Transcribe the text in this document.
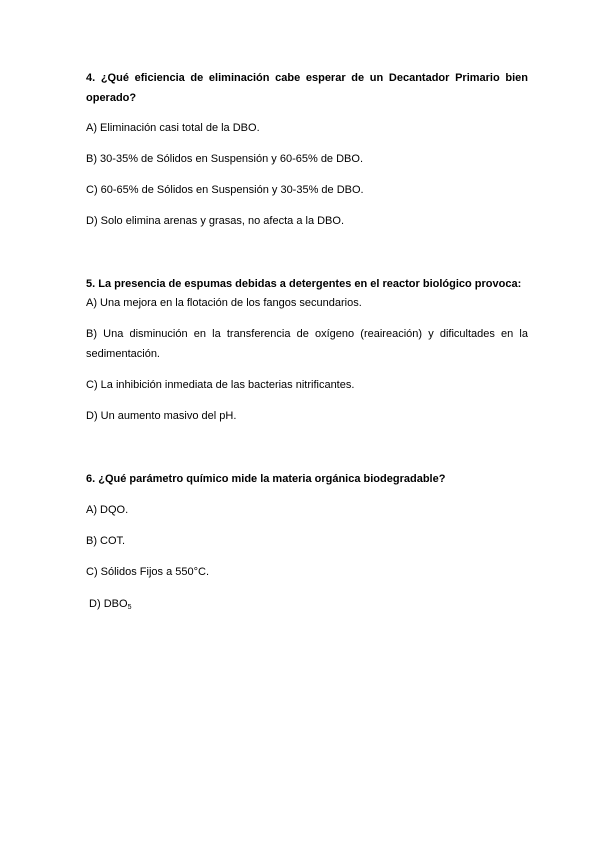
4. ¿Qué eficiencia de eliminación cabe esperar de un Decantador Primario bien operado?

A) Eliminación casi total de la DBO.

B) 30-35% de Sólidos en Suspensión y 60-65% de DBO.

C) 60-65% de Sólidos en Suspensión y 30-35% de DBO.

D) Solo elimina arenas y grasas, no afecta a la DBO.

5. La presencia de espumas debidas a detergentes en el reactor biológico provoca:

A) Una mejora en la flotación de los fangos secundarios.

B) Una disminución en la transferencia de oxígeno (reaireación) y dificultades en la sedimentación.

C) La inhibición inmediata de las bacterias nitrificantes.

D) Un aumento masivo del pH.

6. ¿Qué parámetro químico mide la materia orgánica biodegradable?

A) DQO.

B) COT.

C) Sólidos Fijos a 550°C.

D) $DBO_5$
